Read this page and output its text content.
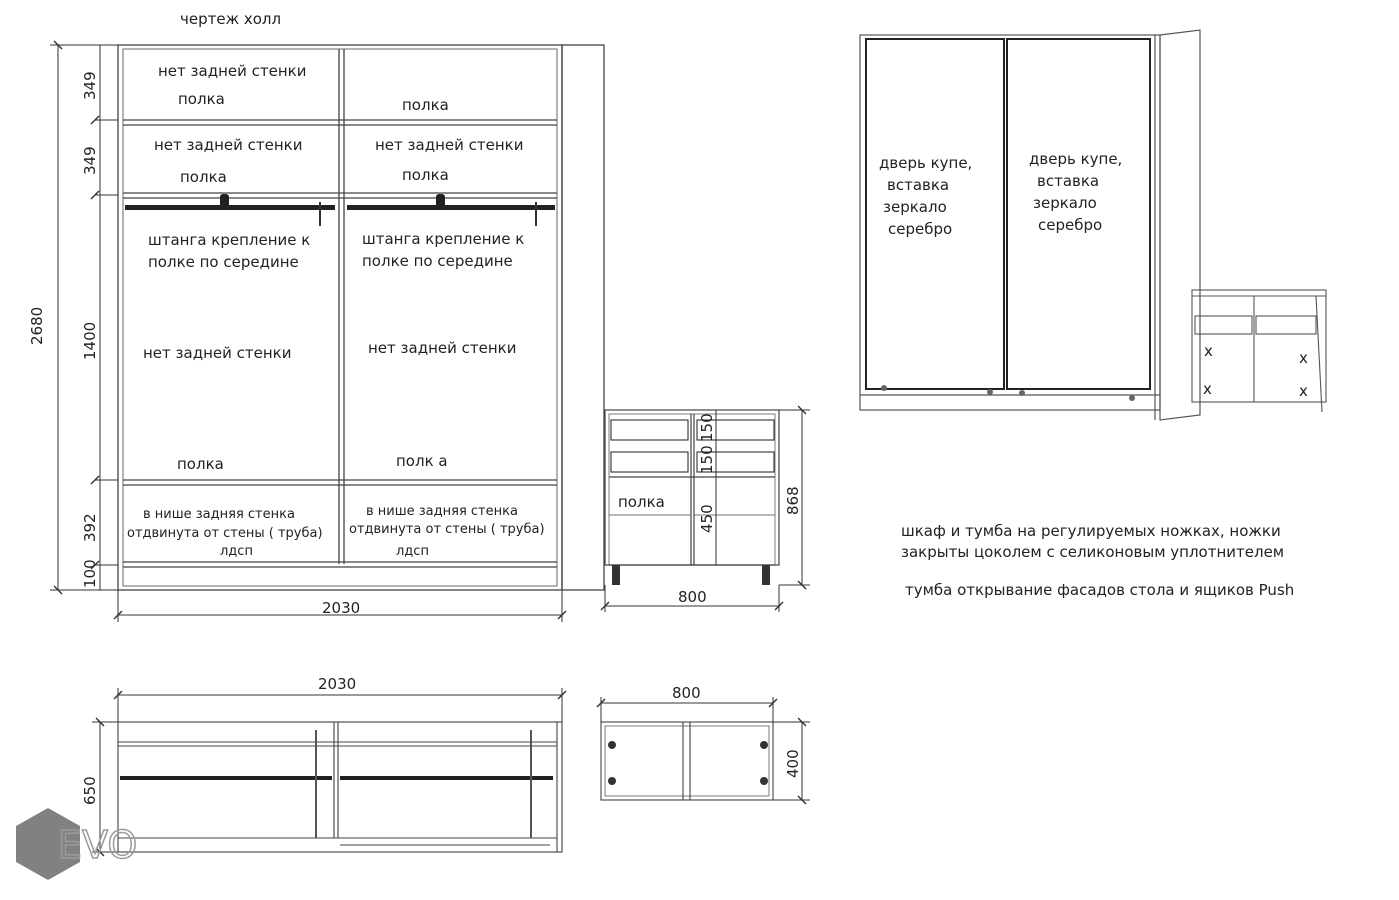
чертеж холл
нет задней стенки
полка	полка
нет задней стенки	нет задней стенки
полка	полка
штанга крепление к
полке по середине
штанга крепление к
полке по середине
нет задней стенки	нет задней стенки
полка	полк а
в нише задняя стенка
отдвинута от стены ( труба)
лдсп
в нише задняя стенка
отдвинута от стены ( труба)
лдсп
2680
349
349
1400
392
100
2030
полка
150
150
450
868
800
2030
650
800
400
дверь купе,
вставка
зеркало
серебро
дверь купе,
вставка
зеркало
серебро
x	x
x	x
шкаф и тумба на регулируемых ножках, ножки
закрыты цоколем с селиконовым уплотнителем
тумба открывание фасадов стола и ящиков Push
EVO
